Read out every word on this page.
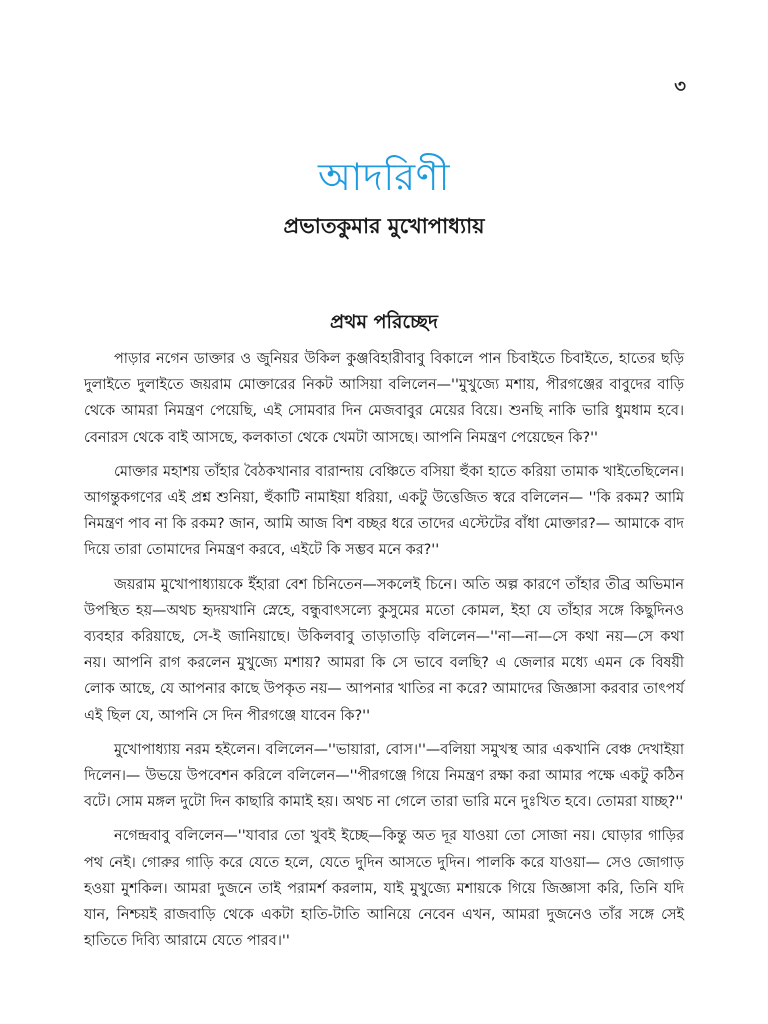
৩
আদরিণী
প্রভাতকুমার মুখোপাধ্যায়
প্রথম পরিচ্ছেদ

পাড়ার নগেন ডাক্তার ও জুনিয়র উকিল কুঞ্জবিহারীবাবু বিকালে পান চিবাইতে চিবাইতে, হাতের ছড়ি দুলাইতে দুলাইতে জয়রাম মোক্তারের নিকট আসিয়া বলিলেন—''মুখুজ্যে মশায়, পীরগঞ্জের বাবুদের বাড়ি থেকে আমরা নিমন্ত্রণ পেয়েছি, এই সোমবার দিন মেজবাবুর মেয়ের বিয়ে। শুনছি নাকি ভারি ধুমধাম হবে। বেনারস থেকে বাই আসছে, কলকাতা থেকে খেমটা আসছে। আপনি নিমন্ত্রণ পেয়েছেন কি?''

মোক্তার মহাশয় তাঁহার বৈঠকখানার বারান্দায় বেঞ্চিতে বসিয়া হুঁকা হাতে করিয়া তামাক খাইতেছিলেন। আগন্তুকগণের এই প্রশ্ন শুনিয়া, হুঁকাটি নামাইয়া ধরিয়া, একটু উত্তেজিত স্বরে বলিলেন— ''কি রকম? আমি নিমন্ত্রণ পাব না কি রকম? জান, আমি আজ বিশ বচ্ছর ধরে তাদের এস্টেটের বাঁধা মোক্তার?— আমাকে বাদ দিয়ে তারা তোমাদের নিমন্ত্রণ করবে, এইটে কি সম্ভব মনে কর?''

জয়রাম মুখোপাধ্যায়কে ইঁহারা বেশ চিনিতেন—সকলেই চিনে। অতি অল্প কারণে তাঁহার তীব্র অভিমান উপস্থিত হয়—অথচ হৃদয়খানি স্নেহে, বন্ধুবাৎসল্যে কুসুমের মতো কোমল, ইহা যে তাঁহার সঙ্গে কিছুদিনও ব্যবহার করিয়াছে, সে-ই জানিয়াছে। উকিলবাবু তাড়াতাড়ি বলিলেন—''না—না—সে কথা নয়—সে কথা নয়। আপনি রাগ করলেন মুখুজ্যে মশায়? আমরা কি সে ভাবে বলছি? এ জেলার মধ্যে এমন কে বিষয়ী লোক আছে, যে আপনার কাছে উপকৃত নয়— আপনার খাতির না করে? আমাদের জিজ্ঞাসা করবার তাৎপর্য এই ছিল যে, আপনি সে দিন পীরগঞ্জে যাবেন কি?''

মুখোপাধ্যায় নরম হইলেন। বলিলেন—''ভায়ারা, বোস।''—বলিয়া সমুখস্থ আর একখানি বেঞ্চ দেখাইয়া দিলেন।— উভয়ে উপবেশন করিলে বলিলেন—''পীরগঞ্জে গিয়ে নিমন্ত্রণ রক্ষা করা আমার পক্ষে একটু কঠিন বটে। সোম মঙ্গল দুটো দিন কাছারি কামাই হয়। অথচ না গেলে তারা ভারি মনে দুঃখিত হবে। তোমরা যাচ্ছ?''

নগেন্দ্রবাবু বলিলেন—''যাবার তো খুবই ইচ্ছে—কিন্তু অত দূর যাওয়া তো সোজা নয়। ঘোড়ার গাড়ির পথ নেই। গোরুর গাড়ি করে যেতে হলে, যেতে দুদিন আসতে দুদিন। পালকি করে যাওয়া— সেও জোগাড় হওয়া মুশকিল। আমরা দুজনে তাই পরামর্শ করলাম, যাই মুখুজ্যে মশায়কে গিয়ে জিজ্ঞাসা করি, তিনি যদি যান, নিশ্চয়ই রাজবাড়ি থেকে একটা হাতি-টাতি আনিয়ে নেবেন এখন, আমরা দুজনেও তাঁর সঙ্গে সেই হাতিতে দিব্যি আরামে যেতে পারব।''
